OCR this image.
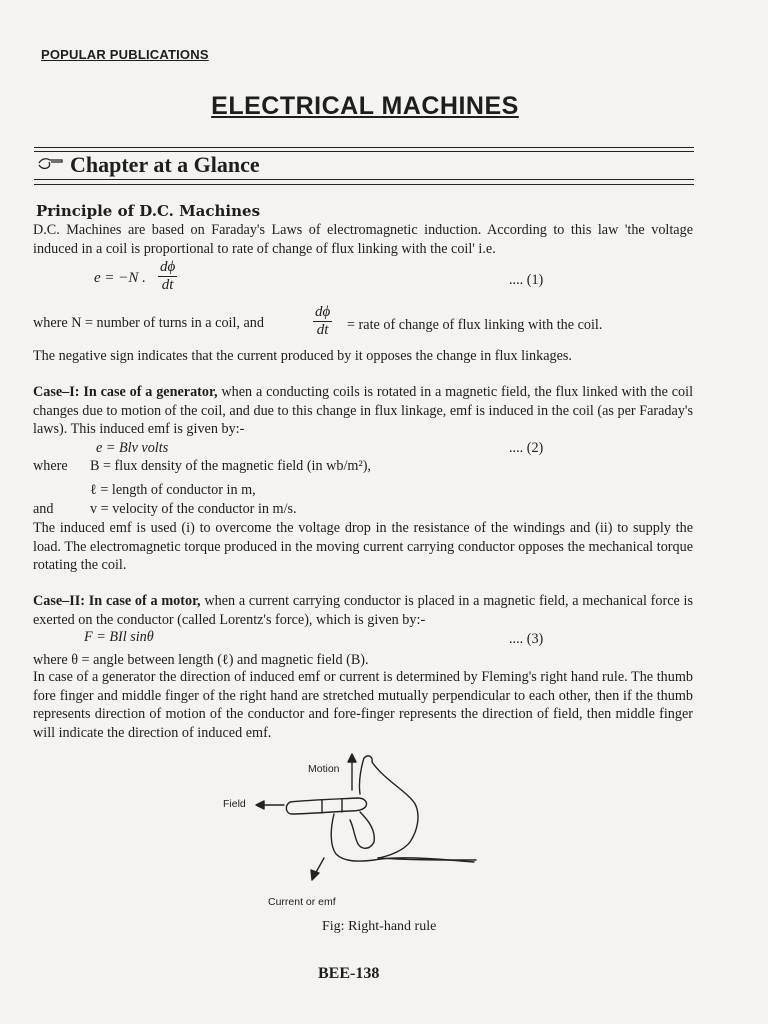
POPULAR PUBLICATIONS
ELECTRICAL MACHINES
Chapter at a Glance
Principle of D.C. Machines
D.C. Machines are based on Faraday's Laws of electromagnetic induction. According to this law 'the voltage induced in a coil is proportional to rate of change of flux linking with the coil' i.e.
e = −N .
dϕ
dt	.... (1)
where N = number of turns in a coil, and
dϕ
dt = rate of change of flux linking with the coil.
The negative sign indicates that the current produced by it opposes the change in flux linkages.
Case–I: In case of a generator, when a conducting coils is rotated in a magnetic field, the flux linked with the coil changes due to motion of the coil, and due to this change in flux linkage, emf is induced in the coil (as per Faraday's laws). This induced emf is given by:-
e = Blv volts	.... (2)
where B = flux density of the magnetic field (in wb/m²),
ℓ = length of conductor in m,
and	v = velocity of the conductor in m/s.
The induced emf is used (i) to overcome the voltage drop in the resistance of the windings and (ii) to supply the load. The electromagnetic torque produced in the moving current carrying conductor opposes the mechanical torque rotating the coil.
Case–II: In case of a motor, when a current carrying conductor is placed in a magnetic field, a mechanical force is exerted on the conductor (called Lorentz's force), which is given by:-
F = BIl sinθ	.... (3)
where θ = angle between length (ℓ) and magnetic field (B).
In case of a generator the direction of induced emf or current is determined by Fleming's right hand rule. The thumb fore finger and middle finger of the right hand are stretched mutually perpendicular to each other, then if the thumb represents direction of motion of the conductor and fore-finger represents the direction of field, then middle finger will indicate the direction of induced emf.
Motion
Field
Current or emf
Fig: Right-hand rule
BEE-138
